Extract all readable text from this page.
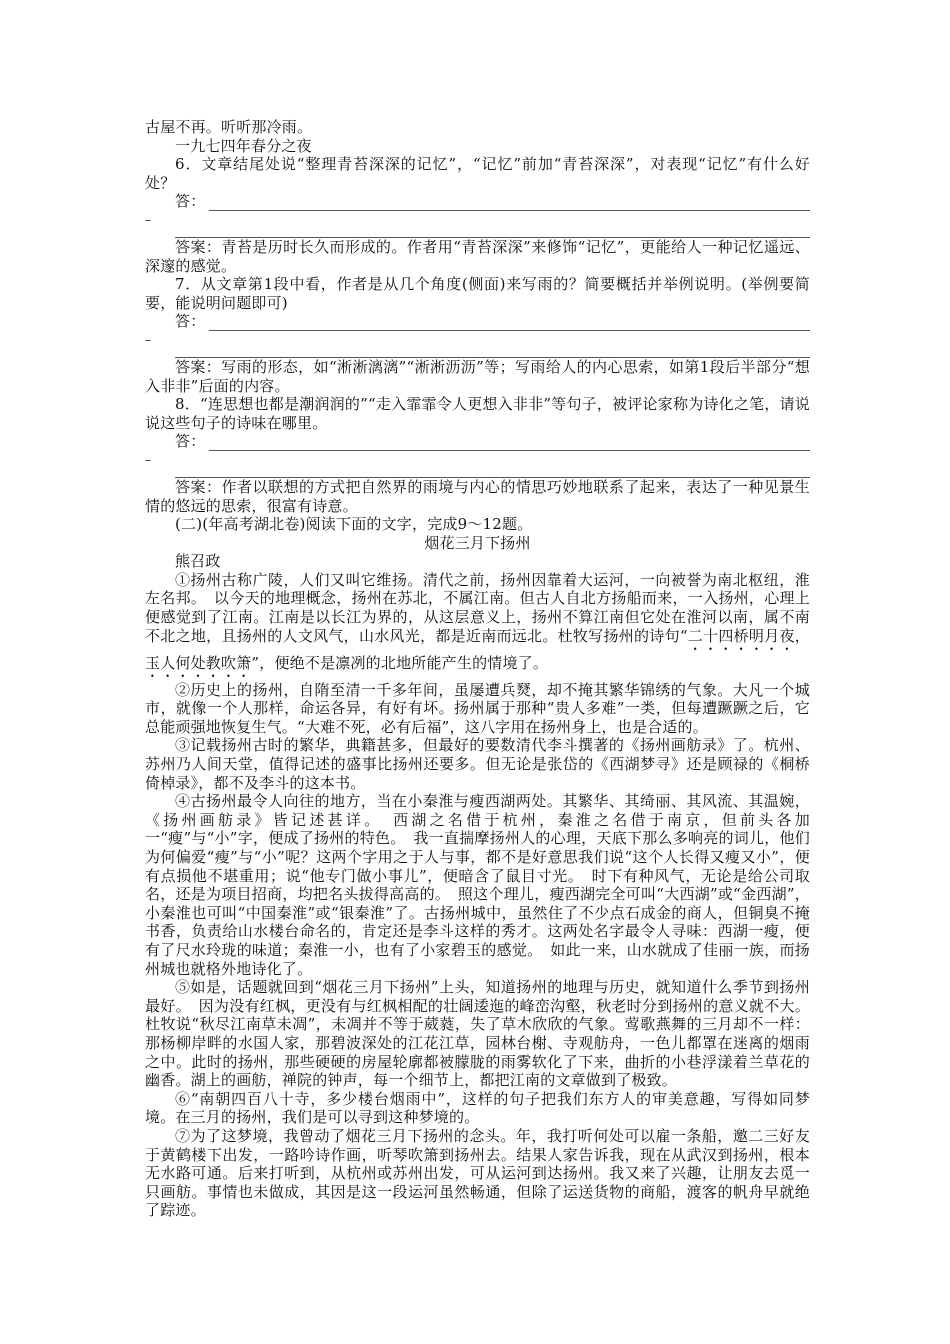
古屋不再。听听那冷雨。

一九七四年春分之夜

6．文章结尾处说“整理青苔深深的记忆”，“记忆”前加“青苔深深”，对表现“记忆”有什么好处？

答：
–

答案：青苔是历时长久而形成的。作者用“青苔深深”来修饰“记忆”，更能给人一种记忆遥远、深邃的感觉。

7．从文章第1段中看，作者是从几个角度(侧面)来写雨的？简要概括并举例说明。(举例要简要，能说明问题即可)

答：
–

答案：写雨的形态，如“淅淅漓漓”“淅淅沥沥”等；写雨给人的内心思索，如第1段后半部分“想入非非”后面的内容。

8．“连思想也都是潮润润的”“走入霏霏令人更想入非非”等句子，被评论家称为诗化之笔，请说说这些句子的诗味在哪里。

答：
–

答案：作者以联想的方式把自然界的雨境与内心的情思巧妙地联系了起来，表达了一种见景生情的悠远的思索，很富有诗意。

(二)(年高考湖北卷)阅读下面的文字，完成9～12题。

烟花三月下扬州

熊召政

①扬州古称广陵，人们又叫它维扬。清代之前，扬州因靠着大运河，一向被誉为南北枢纽，淮左名邦。　以今天的地理概念，扬州在苏北，不属江南。但古人自北方扬船而来，一入扬州，心理上便感觉到了江南。江南是以长江为界的，从这层意义上，扬州不算江南但它处在淮河以南，属不南不北之地，且扬州的人文风气，山水风光，都是近南而远北。杜牧写扬州的诗句“二十四桥明月夜，玉人何处教吹箫”，便绝不是凛冽的北地所能产生的情境了。

②历史上的扬州，自隋至清一千多年间，虽屡遭兵燹，却不掩其繁华锦绣的气象。大凡一个城市，就像一个人那样，命运各异，有好有坏。扬州属于那种“贵人多难”一类，但每遭蹶蹶之后，它总能顽强地恢复生气。“大难不死，必有后福”，这八字用在扬州身上，也是合适的。

③记载扬州古时的繁华，典籍甚多，但最好的要数清代李斗撰著的《扬州画舫录》了。杭州、苏州乃人间天堂，值得记述的盛事比扬州还要多。但无论是张岱的《西湖梦寻》还是顾禄的《桐桥倚棹录》，都不及李斗的这本书。

④古扬州最令人向往的地方，当在小秦淮与瘦西湖两处。其繁华、其绮丽、其风流、其温婉，《扬州画舫录》皆记述甚详。　西湖之名借于杭州，秦淮之名借于南京，但前头各加一“瘦”与“小”字，便成了扬州的特色。　我一直揣摩扬州人的心理，天底下那么多响亮的词儿，他们为何偏爱“瘦”与“小”呢？这两个字用之于人与事，都不是好意思我们说“这个人长得又瘦又小”，便有点损他不堪重用；说“他专门做小事儿”，便暗含了鼠目寸光。　时下有种风气，无论是给公司取名，还是为项目招商，均把名头拔得高高的。　照这个理儿，瘦西湖完全可叫“大西湖”或“金西湖”，小秦淮也可叫“中国秦淮”或“银秦淮”了。古扬州城中，虽然住了不少点石成金的商人，但铜臭不掩书香，负责给山水楼台命名的，肯定还是李斗这样的秀才。这两处名字最令人寻味：西湖一瘦，便有了尺水玲珑的味道；秦淮一小，也有了小家碧玉的感觉。　如此一来，山水就成了佳丽一族，而扬州城也就格外地诗化了。

⑤如是，话题就回到“烟花三月下扬州”上头，知道扬州的地理与历史，就知道什么季节到扬州最好。　因为没有红枫，更没有与红枫相配的壮阔逶迤的峰峦沟壑，秋老时分到扬州的意义就不大。杜牧说“秋尽江南草未凋”，未凋并不等于葳蕤，失了草木欣欣的气象。莺歌燕舞的三月却不一样：那杨柳岸畔的水国人家，那碧波深处的江花江草，园林台榭、寺观舫舟，一色儿都罩在迷离的烟雨之中。此时的扬州，那些硬硬的房屋轮廓都被朦胧的雨雾软化了下来，曲折的小巷浮漾着兰草花的幽香。湖上的画舫，禅院的钟声，每一个细节上，都把江南的文章做到了极致。

⑥“南朝四百八十寺，多少楼台烟雨中”，这样的句子把我们东方人的审美意趣，写得如同梦境。在三月的扬州，我们是可以寻到这种梦境的。

⑦为了这梦境，我曾动了烟花三月下扬州的念头。年，我打听何处可以雇一条船，邀二三好友于黄鹤楼下出发，一路吟诗作画，听琴吹箫到扬州去。结果人家告诉我，现在从武汉到扬州，根本无水路可通。后来打听到，从杭州或苏州出发，可从运河到达扬州。我又来了兴趣，让朋友去觅一只画舫。事情也未做成，其因是这一段运河虽然畅通，但除了运送货物的商船，渡客的帆舟早就绝了踪迹。
